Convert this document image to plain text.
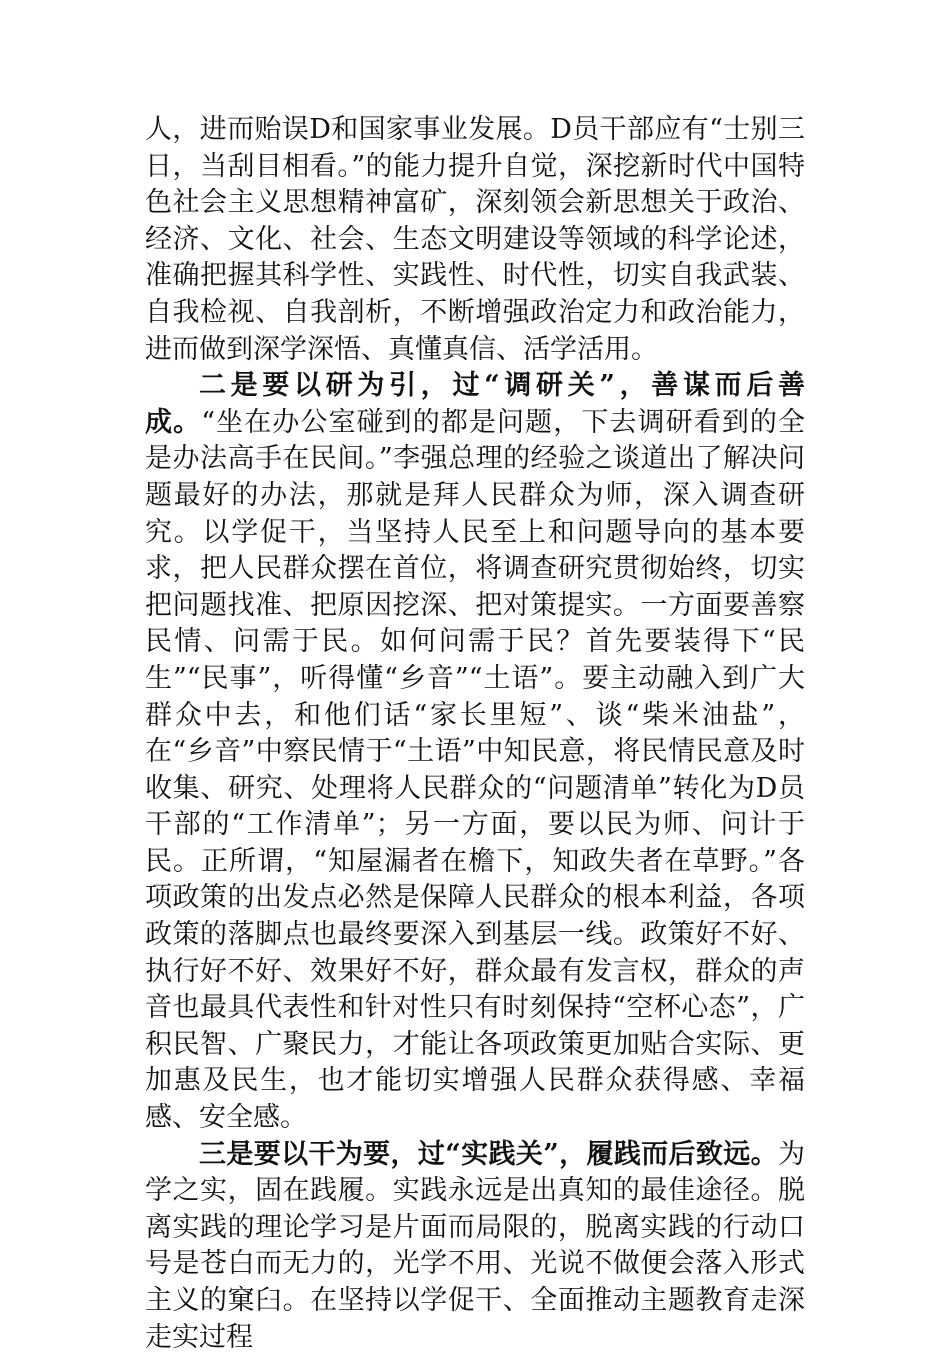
人，进而贻误D和国家事业发展。D员干部应有“士别三日，当刮目相看。”的能力提升自觉，深挖新时代中国特色社会主义思想精神富矿，深刻领会新思想关于政治、经济、文化、社会、生态文明建设等领域的科学论述，准确把握其科学性、实践性、时代性，切实自我武装、自我检视、自我剖析，不断增强政治定力和政治能力，进而做到深学深悟、真懂真信、活学活用。

二是要以研为引，过“调研关”，善谋而后善成。“坐在办公室碰到的都是问题，下去调研看到的全是办法高手在民间。”李强总理的经验之谈道出了解决问题最好的办法，那就是拜人民群众为师，深入调查研究。以学促干，当坚持人民至上和问题导向的基本要求，把人民群众摆在首位，将调查研究贯彻始终，切实把问题找准、把原因挖深、把对策提实。一方面要善察民情、问需于民。如何问需于民？首先要装得下“民生”“民事”，听得懂“乡音”“土语”。要主动融入到广大群众中去，和他们话“家长里短”、谈“柴米油盐”，在“乡音”中察民情于“土语”中知民意，将民情民意及时收集、研究、处理将人民群众的“问题清单”转化为D员干部的“工作清单”；另一方面，要以民为师、问计于民。正所谓，“知屋漏者在檐下，知政失者在草野。”各项政策的出发点必然是保障人民群众的根本利益，各项政策的落脚点也最终要深入到基层一线。政策好不好、执行好不好、效果好不好，群众最有发言权，群众的声音也最具代表性和针对性只有时刻保持“空杯心态”，广积民智、广聚民力，才能让各项政策更加贴合实际、更加惠及民生，也才能切实增强人民群众获得感、幸福感、安全感。

三是要以干为要，过“实践关”，履践而后致远。为学之实，固在践履。实践永远是出真知的最佳途径。脱离实践的理论学习是片面而局限的，脱离实践的行动口号是苍白而无力的，光学不用、光说不做便会落入形式主义的窠臼。在坚持以学促干、全面推动主题教育走深走实过程
